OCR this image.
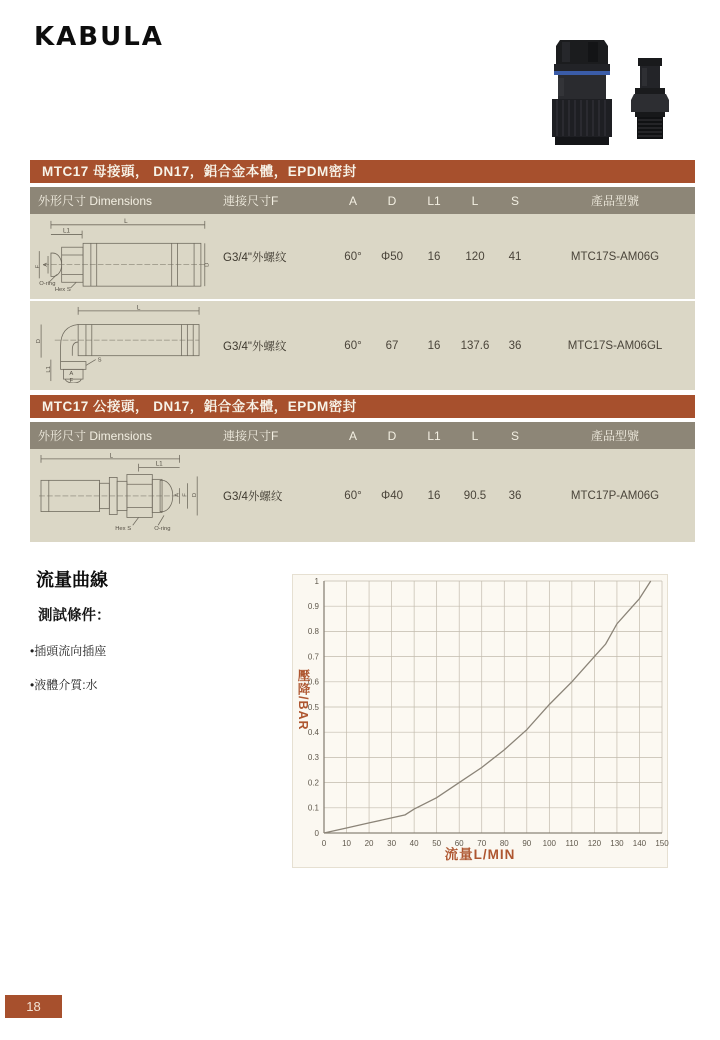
KABULA
MTC17 母接頭， DN17，鋁合金本體，EPDM密封
外形尺寸 Dimensions	連接尺寸F	A	D	L1	L	S	產品型號
L
L1
F
A	D
O-ring
Hex S
G3/4"外螺纹	60°	Φ50	16	120	41	MTC17S-AM06G
L
D
L1
S
A
F
G3/4"外螺纹	60°	67	16	137.6	36	MTC17S-AM06GL
MTC17 公接頭， DN17，鋁合金本體，EPDM密封
外形尺寸 Dimensions	連接尺寸F	A	D	L1	L	S	產品型號
L
L1
A F D
Hex S	O-ring
G3/4外螺纹	60°	Φ40	16	90.5	36	MTC17P-AM06G
流量曲線
測試條件：
•插頭流向插座
•液體介質:水
0 10 20 30 40 50 60 70 80 90 100 110 120 130 140 150
0
0.1
0.2
0.3
0.4
0.5
0.6
0.7
0.8
0.9
1
壓降/BAR
流量L/MIN
18
